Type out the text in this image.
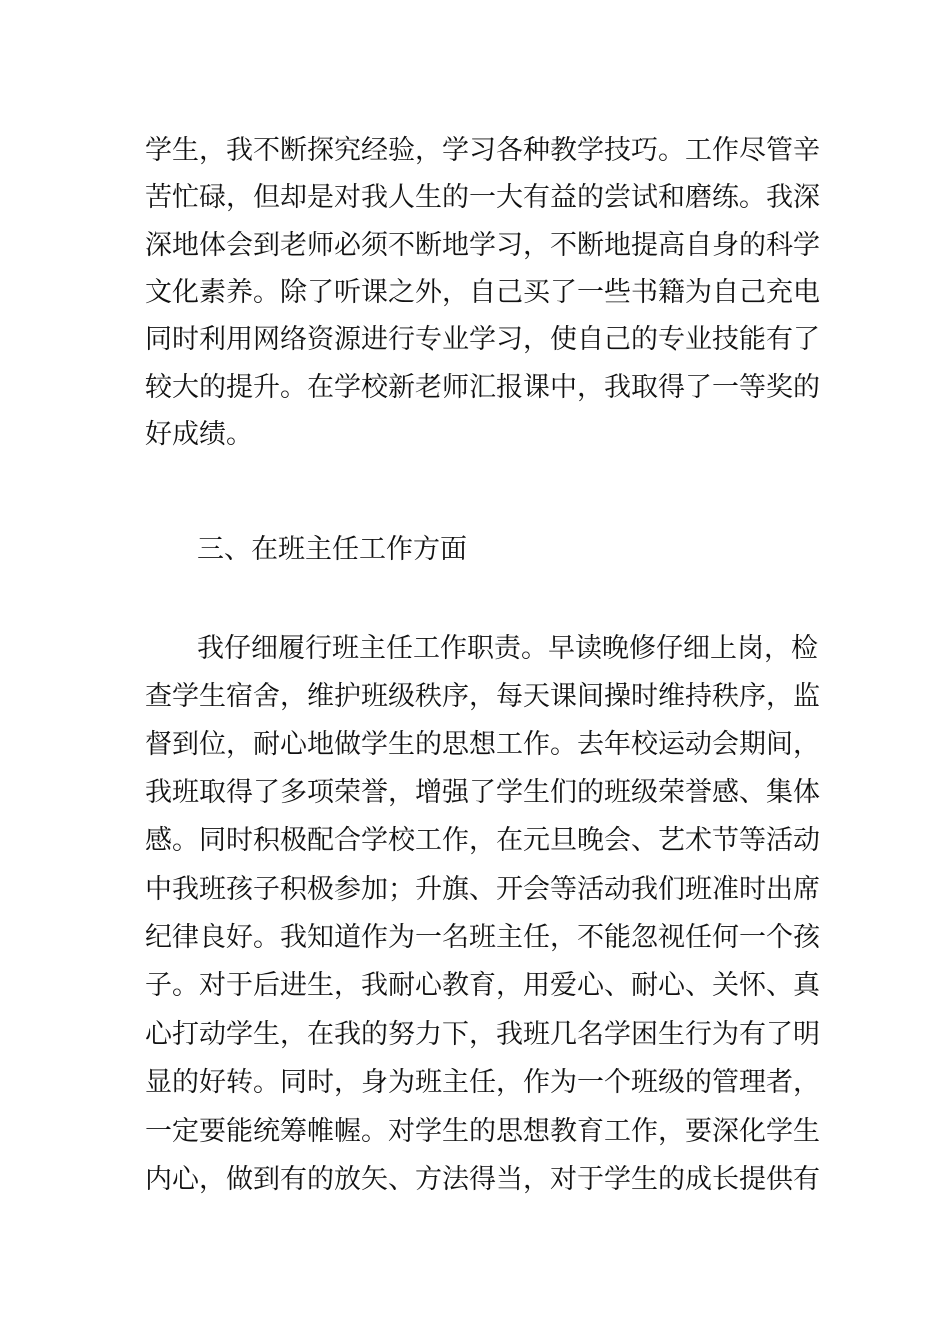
学生，我不断探究经验，学习各种教学技巧。工作尽管辛
苦忙碌，但却是对我人生的一大有益的尝试和磨练。我深
深地体会到老师必须不断地学习，不断地提高自身的科学
文化素养。除了听课之外，自己买了一些书籍为自己充电
同时利用网络资源进行专业学习，使自己的专业技能有了
较大的提升。在学校新老师汇报课中，我取得了一等奖的
好成绩。
三、在班主任工作方面
我仔细履行班主任工作职责。早读晚修仔细上岗，检
查学生宿舍，维护班级秩序，每天课间操时维持秩序，监
督到位，耐心地做学生的思想工作。去年校运动会期间，
我班取得了多项荣誉，增强了学生们的班级荣誉感、集体
感。同时积极配合学校工作，在元旦晚会、艺术节等活动
中我班孩子积极参加；升旗、开会等活动我们班准时出席
纪律良好。我知道作为一名班主任，不能忽视任何一个孩
子。对于后进生，我耐心教育，用爱心、耐心、关怀、真
心打动学生，在我的努力下，我班几名学困生行为有了明
显的好转。同时，身为班主任，作为一个班级的管理者，
一定要能统筹帷幄。对学生的思想教育工作，要深化学生
内心，做到有的放矢、方法得当，对于学生的成长提供有
